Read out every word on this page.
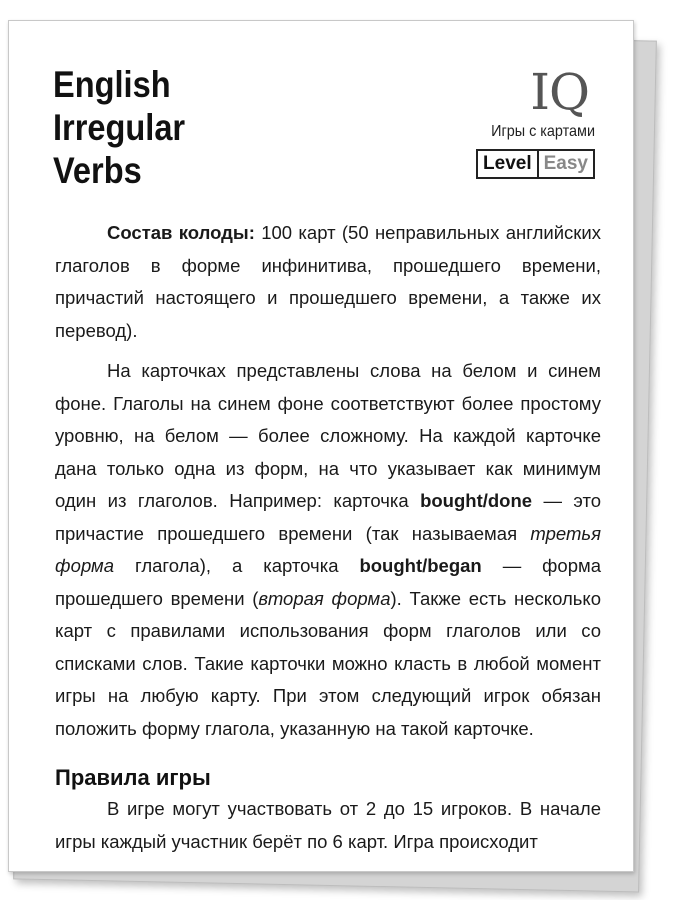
English
Irregular
Verbs
IQ
Игры с картами
Level Easy

Состав колоды: 100 карт (50 неправильных английских глаголов в форме инфинитива, прошедшего времени, причастий настоящего и прошедшего времени, а также их перевод).

На карточках представлены слова на белом и синем фоне. Глаголы на синем фоне соответствуют более простому уровню, на белом — более сложному. На каждой карточке дана только одна из форм, на что указывает как минимум один из глаголов. Например: карточка bought/done — это причастие прошедшего времени (так называемая третья форма глагола), а карточка bought/began — форма прошедшего времени (вторая форма). Также есть несколько карт с правилами использования форм глаголов или со списками слов. Такие карточки можно класть в любой момент игры на любую карту. При этом следующий игрок обязан положить форму глагола, указанную на такой карточке.

Правила игры

В игре могут участвовать от 2 до 15 игроков. В начале игры каждый участник берёт по 6 карт. Игра происходит
